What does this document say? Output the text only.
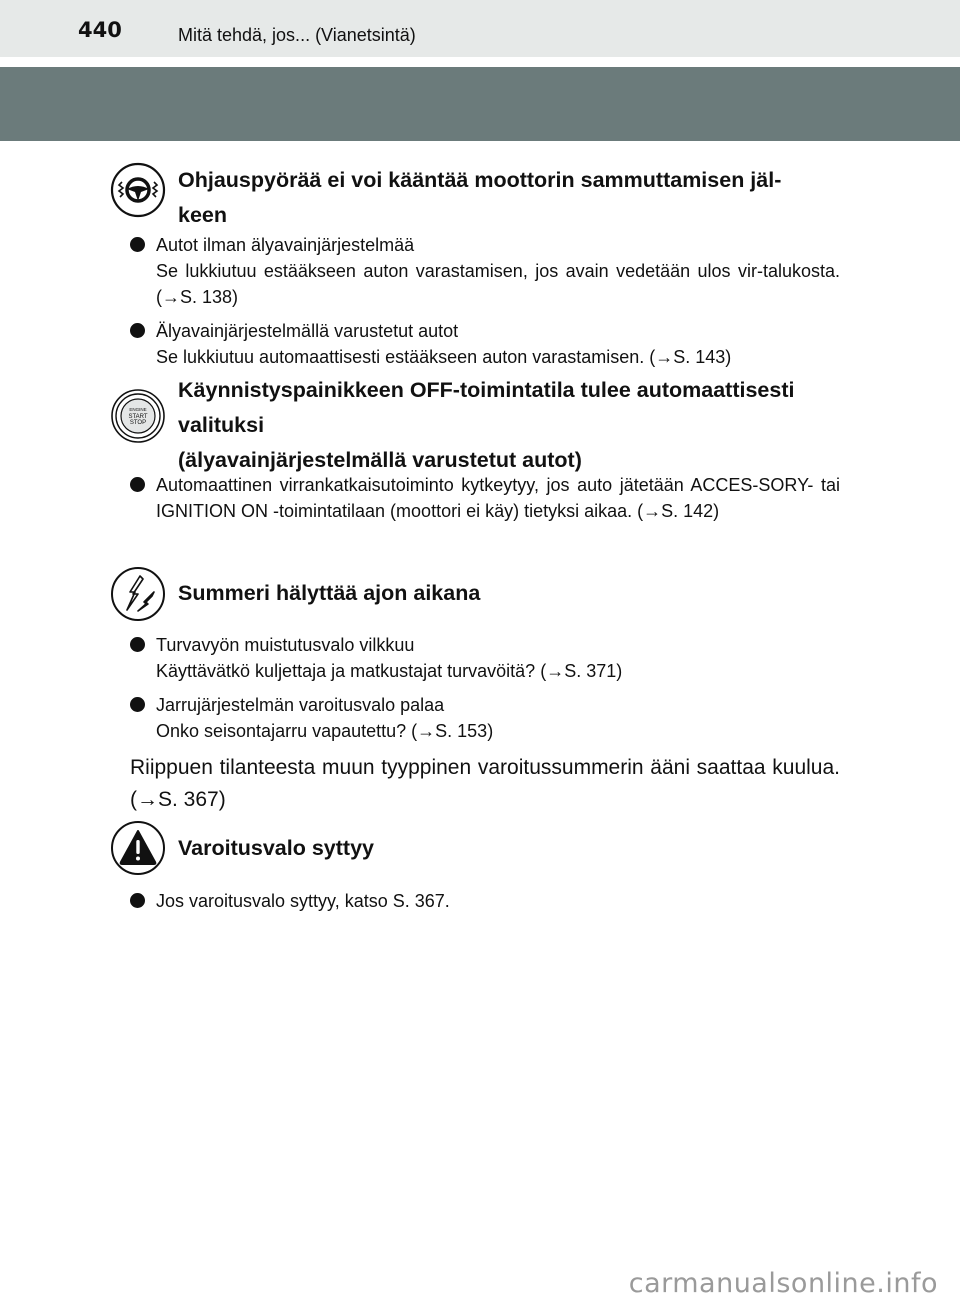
440	Mitä tehdä, jos... (Vianetsintä)
Ohjauspyörää ei voi kääntää moottorin sammuttamisen jäl-
keen
Autot ilman älyavainjärjestelmää
Se lukkiutuu estääkseen auton varastamisen, jos avain vedetään ulos vir-talukosta. (→S. 138)
Älyavainjärjestelmällä varustetut autot
Se lukkiutuu automaattisesti estääkseen auton varastamisen. (→S. 143)
ENGINE
START
STOP
Käynnistyspainikkeen OFF-toimintatila tulee automaattisesti
valituksi
(älyavainjärjestelmällä varustetut autot)
Automaattinen virrankatkaisutoiminto kytkeytyy, jos auto jätetään ACCES-SORY- tai IGNITION ON -toimintatilaan (moottori ei käy) tietyksi aikaa. (→S. 142)
Summeri hälyttää ajon aikana
Turvavyön muistutusvalo vilkkuu
Käyttävätkö kuljettaja ja matkustajat turvavöitä? (→S. 371)
Jarrujärjestelmän varoitusvalo palaa
Onko seisontajarru vapautettu? (→S. 153)
Riippuen tilanteesta muun tyyppinen varoitussummerin ääni saattaa kuulua. (→S. 367)
Varoitusvalo syttyy
Jos varoitusvalo syttyy, katso S. 367.
carmanualsonline.info
